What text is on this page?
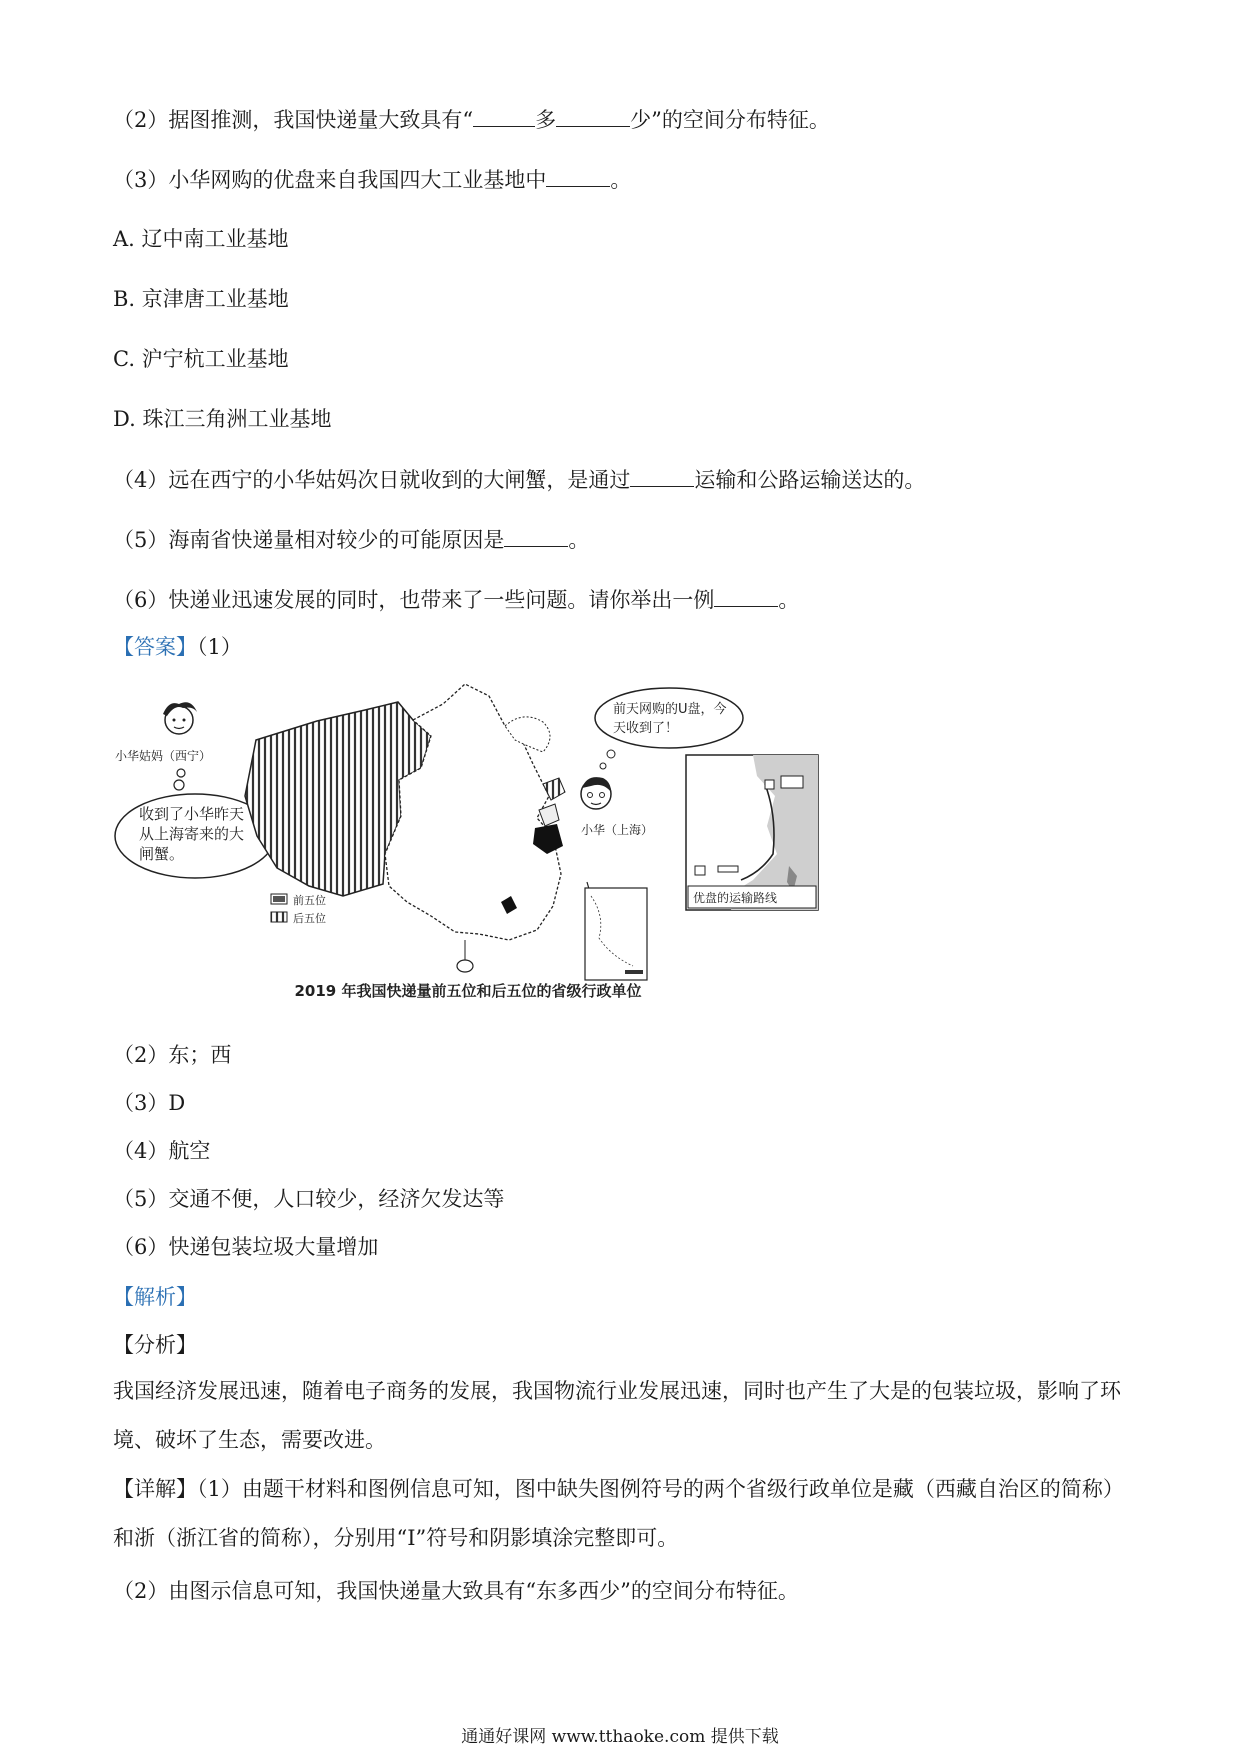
（2）据图推测，我国快递量大致具有“	多	少”的空间分布特征。
（3）小华网购的优盘来自我国四大工业基地中	。
A. 辽中南工业基地
B. 京津唐工业基地
C. 沪宁杭工业基地
D. 珠江三角洲工业基地
（4）远在西宁的小华姑妈次日就收到的大闸蟹，是通过	运输和公路运输送达的。
（5）海南省快递量相对较少的可能原因是	。
（6）快递业迅速发展的同时，也带来了一些问题。请你举出一例	。
【答案】（1）
小华姑妈（西宁）
收到了小华昨天
从上海寄来的大
闸蟹。
前五位
后五位
小华（上海）
前天网购的U盘，今
天收到了！
优盘的运输路线
2019 年我国快递量前五位和后五位的省级行政单位
（2）东；西
（3）D
（4）航空
（5）交通不便，人口较少，经济欠发达等
（6）快递包装垃圾大量增加
【解析】
【分析】
我国经济发展迅速，随着电子商务的发展，我国物流行业发展迅速，同时也产生了大是的包装垃圾，影响了环境、破坏了生态，需要改进。
【详解】（1）由题干材料和图例信息可知，图中缺失图例符号的两个省级行政单位是藏（西藏自治区的简称）和浙（浙江省的简称），分别用“I”符号和阴影填涂完整即可。
（2）由图示信息可知，我国快递量大致具有“东多西少”的空间分布特征。
通通好课网 www.tthaoke.com 提供下载
